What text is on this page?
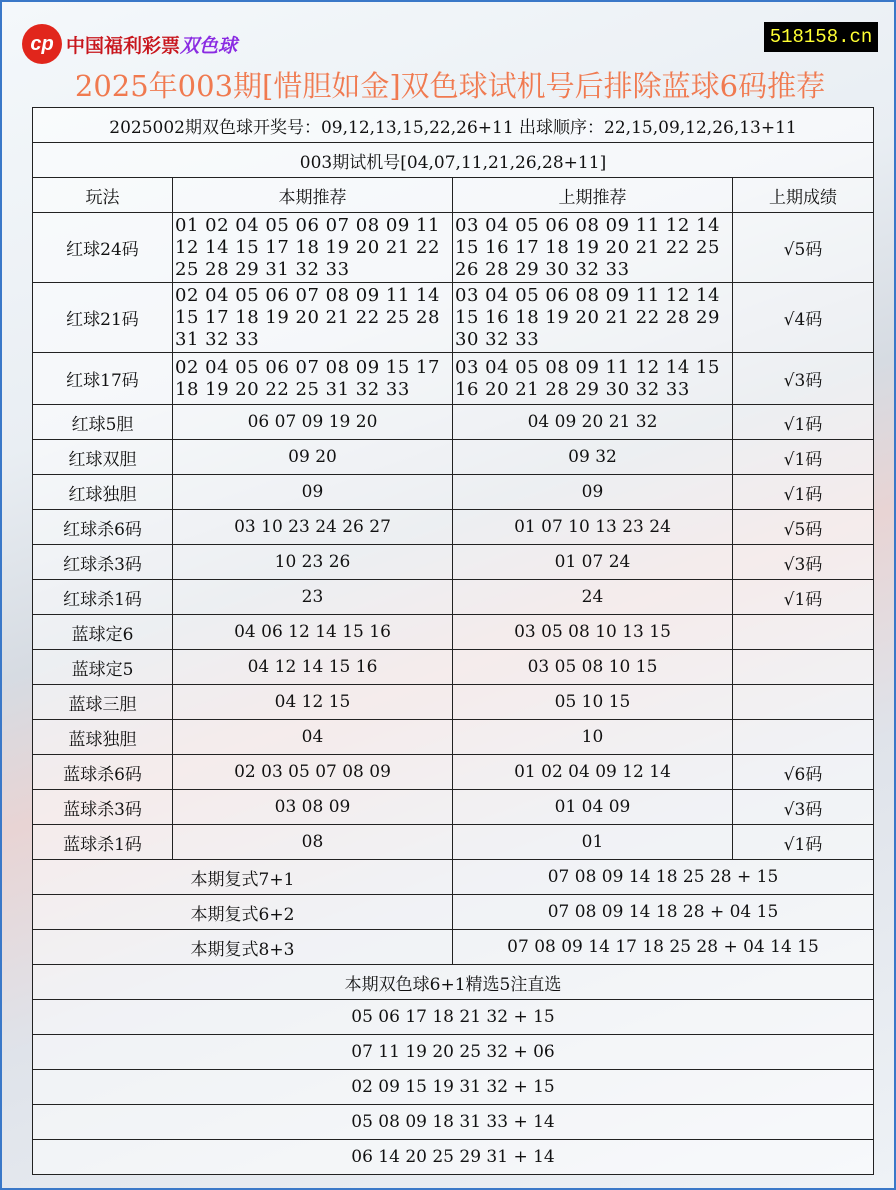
cp 中国福利彩票双色球	518158.cn
2025年003期[惜胆如金]双色球试机号后排除蓝球6码推荐
2025002期双色球开奖号：09,12,13,15,22,26+11 出球顺序：22,15,09,12,26,13+11			
003期试机号[04,07,11,21,26,28+11]			
玩法	本期推荐	上期推荐	上期成绩
红球24码	01 02 04 05 06 07 08 09 11 12 14 15 17 18 19 20 21 22 25 28 29 31 32 33	03 04 05 06 08 09 11 12 14 15 16 17 18 19 20 21 22 25 26 28 29 30 32 33	√5码
红球21码	02 04 05 06 07 08 09 11 14 15 17 18 19 20 21 22 25 28 31 32 33	03 04 05 06 08 09 11 12 14 15 16 18 19 20 21 22 28 29 30 32 33	√4码
红球17码	02 04 05 06 07 08 09 15 17 18 19 20 22 25 31 32 33	03 04 05 08 09 11 12 14 15 16 20 21 28 29 30 32 33	√3码
红球5胆	06 07 09 19 20	04 09 20 21 32	√1码
红球双胆	09 20	09 32	√1码
红球独胆	09	09	√1码
红球杀6码	03 10 23 24 26 27	01 07 10 13 23 24	√5码
红球杀3码	10 23 26	01 07 24	√3码
红球杀1码	23	24	√1码
蓝球定6	04 06 12 14 15 16	03 05 08 10 13 15	
蓝球定5	04 12 14 15 16	03 05 08 10 15	
蓝球三胆	04 12 15	05 10 15	
蓝球独胆	04	10	
蓝球杀6码	02 03 05 07 08 09	01 02 04 09 12 14	√6码
蓝球杀3码	03 08 09	01 04 09	√3码
蓝球杀1码	08	01	√1码
本期复式7+1		07 08 09 14 18 25 28 + 15	
本期复式6+2		07 08 09 14 18 28 + 04 15	
本期复式8+3		07 08 09 14 17 18 25 28 + 04 14 15	
本期双色球6+1精选5注直选			
05 06 17 18 21 32 + 15			
07 11 19 20 25 32 + 06			
02 09 15 19 31 32 + 15			
05 08 09 18 31 33 + 14			
06 14 20 25 29 31 + 14			
